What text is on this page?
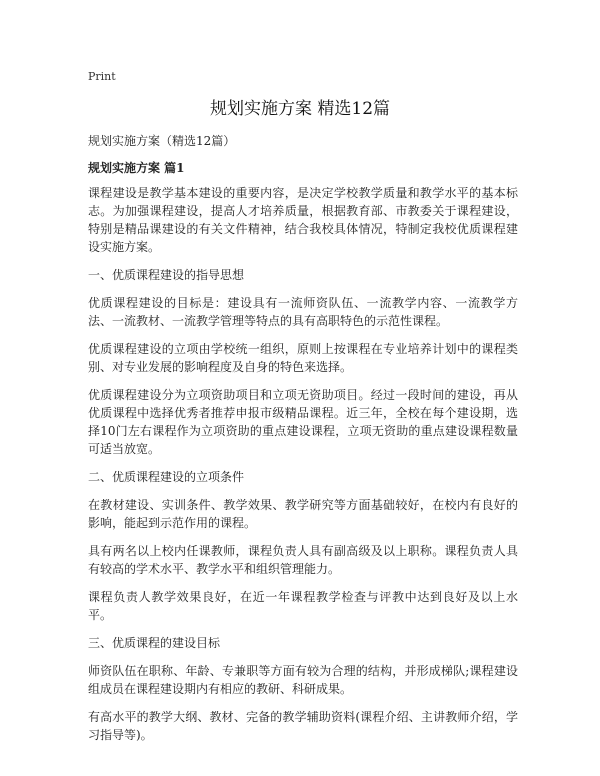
Print
规划实施方案 精选12篇
规划实施方案（精选12篇）
规划实施方案 篇1

课程建设是教学基本建设的重要内容，是决定学校教学质量和教学水平的基本标志。为加强课程建设，提高人才培养质量，根据教育部、市教委关于课程建设，特别是精品课建设的有关文件精神，结合我校具体情况，特制定我校优质课程建设实施方案。

一、优质课程建设的指导思想

优质课程建设的目标是：建设具有一流师资队伍、一流教学内容、一流教学方法、一流教材、一流教学管理等特点的具有高职特色的示范性课程。

优质课程建设的立项由学校统一组织，原则上按课程在专业培养计划中的课程类别、对专业发展的影响程度及自身的特色来选择。

优质课程建设分为立项资助项目和立项无资助项目。经过一段时间的建设，再从优质课程中选择优秀者推荐申报市级精品课程。近三年，全校在每个建设期，选择10门左右课程作为立项资助的重点建设课程，立项无资助的重点建设课程数量可适当放宽。

二、优质课程建设的立项条件

在教材建设、实训条件、教学效果、教学研究等方面基础较好，在校内有良好的影响，能起到示范作用的课程。

具有两名以上校内任课教师，课程负责人具有副高级及以上职称。课程负责人具有较高的学术水平、教学水平和组织管理能力。

课程负责人教学效果良好，在近一年课程教学检查与评教中达到良好及以上水平。

三、优质课程的建设目标

师资队伍在职称、年龄、专兼职等方面有较为合理的结构，并形成梯队;课程建设组成员在课程建设期内有相应的教研、科研成果。

有高水平的教学大纲、教材、完备的教学辅助资料(课程介绍、主讲教师介绍，学习指导等)。
